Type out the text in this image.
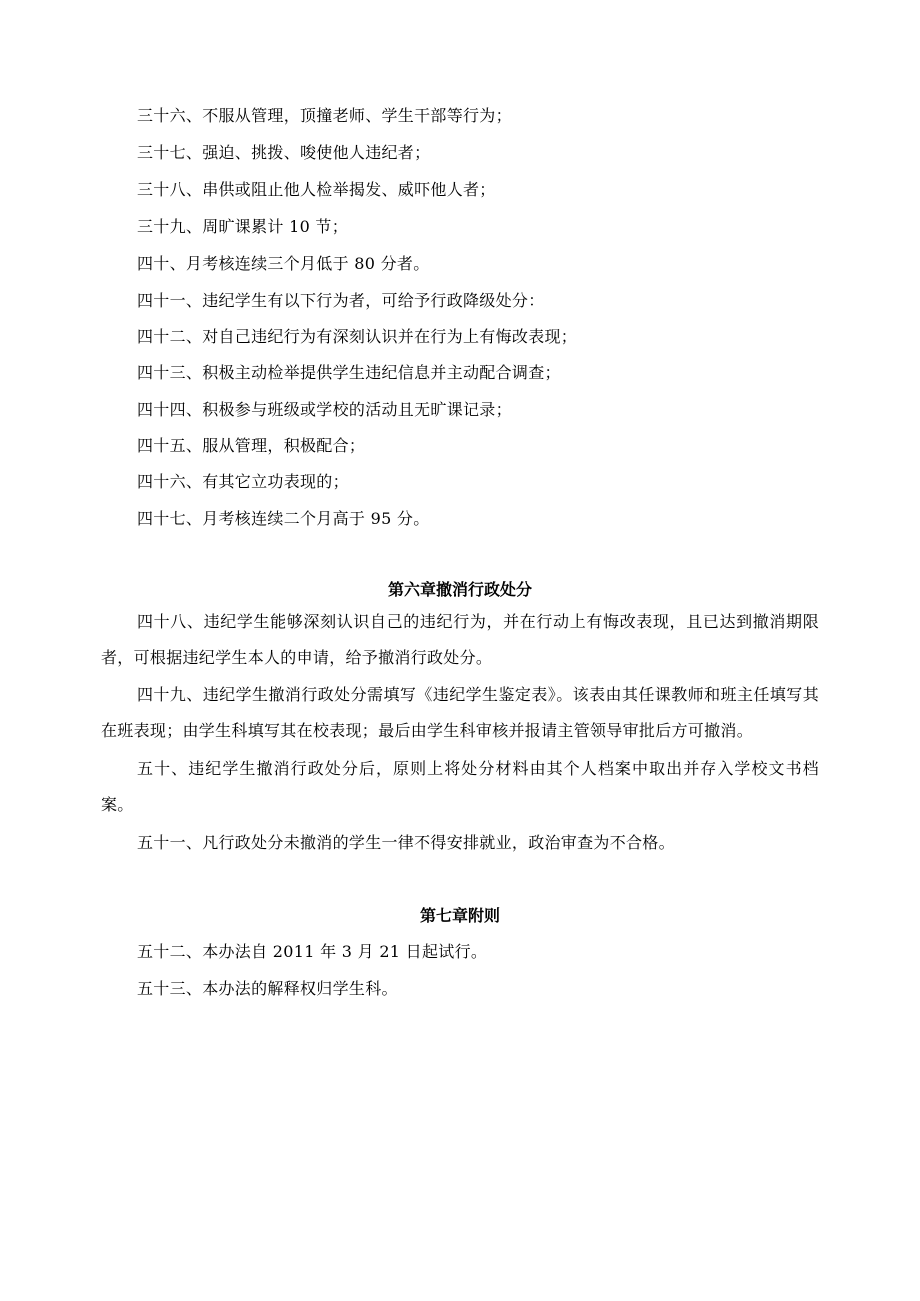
三十六、不服从管理，顶撞老师、学生干部等行为；
三十七、强迫、挑拨、唆使他人违纪者；
三十八、串供或阻止他人检举揭发、威吓他人者；
三十九、周旷课累计 10 节；
四十、月考核连续三个月低于 80 分者。
四十一、违纪学生有以下行为者，可给予行政降级处分：
四十二、对自己违纪行为有深刻认识并在行为上有悔改表现；
四十三、积极主动检举提供学生违纪信息并主动配合调查；
四十四、积极参与班级或学校的活动且无旷课记录；
四十五、服从管理，积极配合；
四十六、有其它立功表现的；
四十七、月考核连续二个月高于 95 分。
第六章撤消行政处分
四十八、违纪学生能够深刻认识自己的违纪行为，并在行动上有悔改表现，且已达到撤消期限者，可根据违纪学生本人的申请，给予撤消行政处分。
四十九、违纪学生撤消行政处分需填写《违纪学生鉴定表》。该表由其任课教师和班主任填写其在班表现；由学生科填写其在校表现；最后由学生科审核并报请主管领导审批后方可撤消。
五十、违纪学生撤消行政处分后，原则上将处分材料由其个人档案中取出并存入学校文书档案。
五十一、凡行政处分未撤消的学生一律不得安排就业，政治审查为不合格。
第七章附则
五十二、本办法自 2011 年 3 月 21 日起试行。
五十三、本办法的解释权归学生科。
